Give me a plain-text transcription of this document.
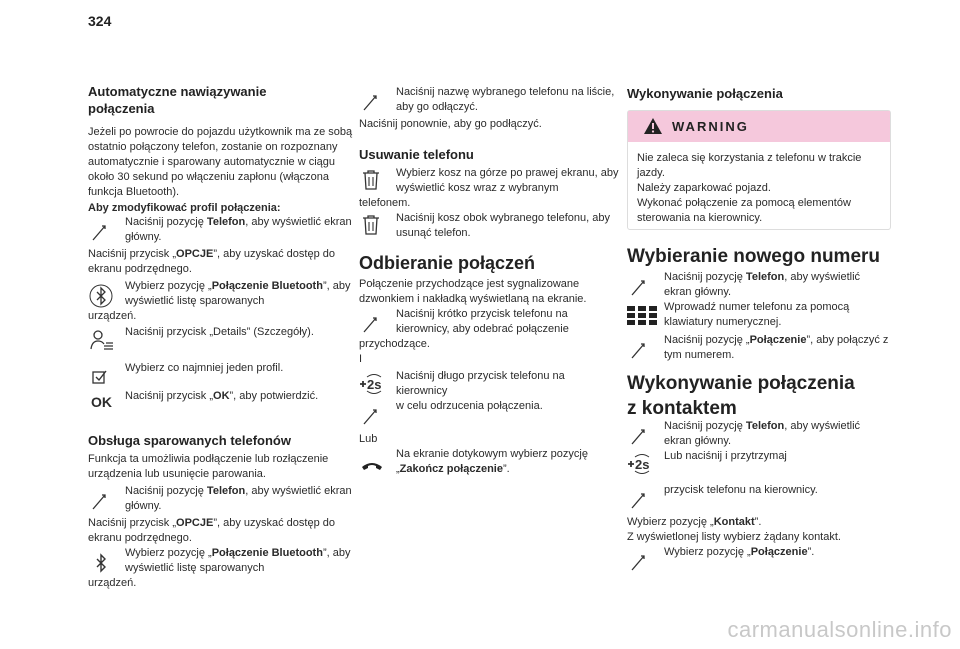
324
Automatyczne nawiązywanie połączenia
Jeżeli po powrocie do pojazdu użytkownik ma ze sobą ostatnio połączony telefon, zostanie on rozpoznany automatycznie i sparowany automatycznie w ciągu około 30 sekund po włączeniu zapłonu (włączona funkcja Bluetooth).
Aby zmodyfikować profil połączenia:
Naciśnij pozycję Telefon, aby wyświetlić ekran główny.
Naciśnij przycisk „OPCJE”, aby uzyskać dostęp do ekranu podrzędnego.
Wybierz pozycję „Połączenie Bluetooth”, aby wyświetlić listę sparowanych
urządzeń.
Naciśnij przycisk „Details” (Szczegóły).
Wybierz co najmniej jeden profil.
OK	Naciśnij przycisk „OK”, aby potwierdzić.
Obsługa sparowanych telefonów
Funkcja ta umożliwia podłączenie lub rozłączenie urządzenia lub usunięcie parowania.
Naciśnij pozycję Telefon, aby wyświetlić ekran główny.
Naciśnij przycisk „OPCJE”, aby uzyskać dostęp do ekranu podrzędnego.
Wybierz pozycję „Połączenie Bluetooth”, aby wyświetlić listę sparowanych
urządzeń.
Naciśnij nazwę wybranego telefonu na liście, aby go odłączyć.
Naciśnij ponownie, aby go podłączyć.
Usuwanie telefonu
Wybierz kosz na górze po prawej ekranu, aby wyświetlić kosz wraz z wybranym
telefonem.
Naciśnij kosz obok wybranego telefonu, aby usunąć telefon.
Odbieranie połączeń
Połączenie przychodzące jest sygnalizowane dzwonkiem i nakładką wyświetlaną na ekranie.
Naciśnij krótko przycisk telefonu na kierownicy, aby odebrać połączenie
przychodzące.
I
2s
Naciśnij długo przycisk telefonu na kierownicy
w celu odrzucenia połączenia.
Lub
Na ekranie dotykowym wybierz pozycję „Zakończ połączenie”.
Wykonywanie połączenia
WARNING
Nie zaleca się korzystania z telefonu w trakcie jazdy.
Należy zaparkować pojazd.
Wykonać połączenie za pomocą elementów sterowania na kierownicy.
Wybieranie nowego numeru
Naciśnij pozycję Telefon, aby wyświetlić ekran główny.
Wprowadź numer telefonu za pomocą klawiatury numerycznej.
Naciśnij pozycję „Połączenie”, aby połączyć z tym numerem.
Wykonywanie połączenia
z kontaktem
Naciśnij pozycję Telefon, aby wyświetlić ekran główny.
2s
Lub naciśnij i przytrzymaj
przycisk telefonu na kierownicy.
Wybierz pozycję „Kontakt”.
Z wyświetlonej listy wybierz żądany kontakt.
Wybierz pozycję „Połączenie”.
carmanualsonline.info
